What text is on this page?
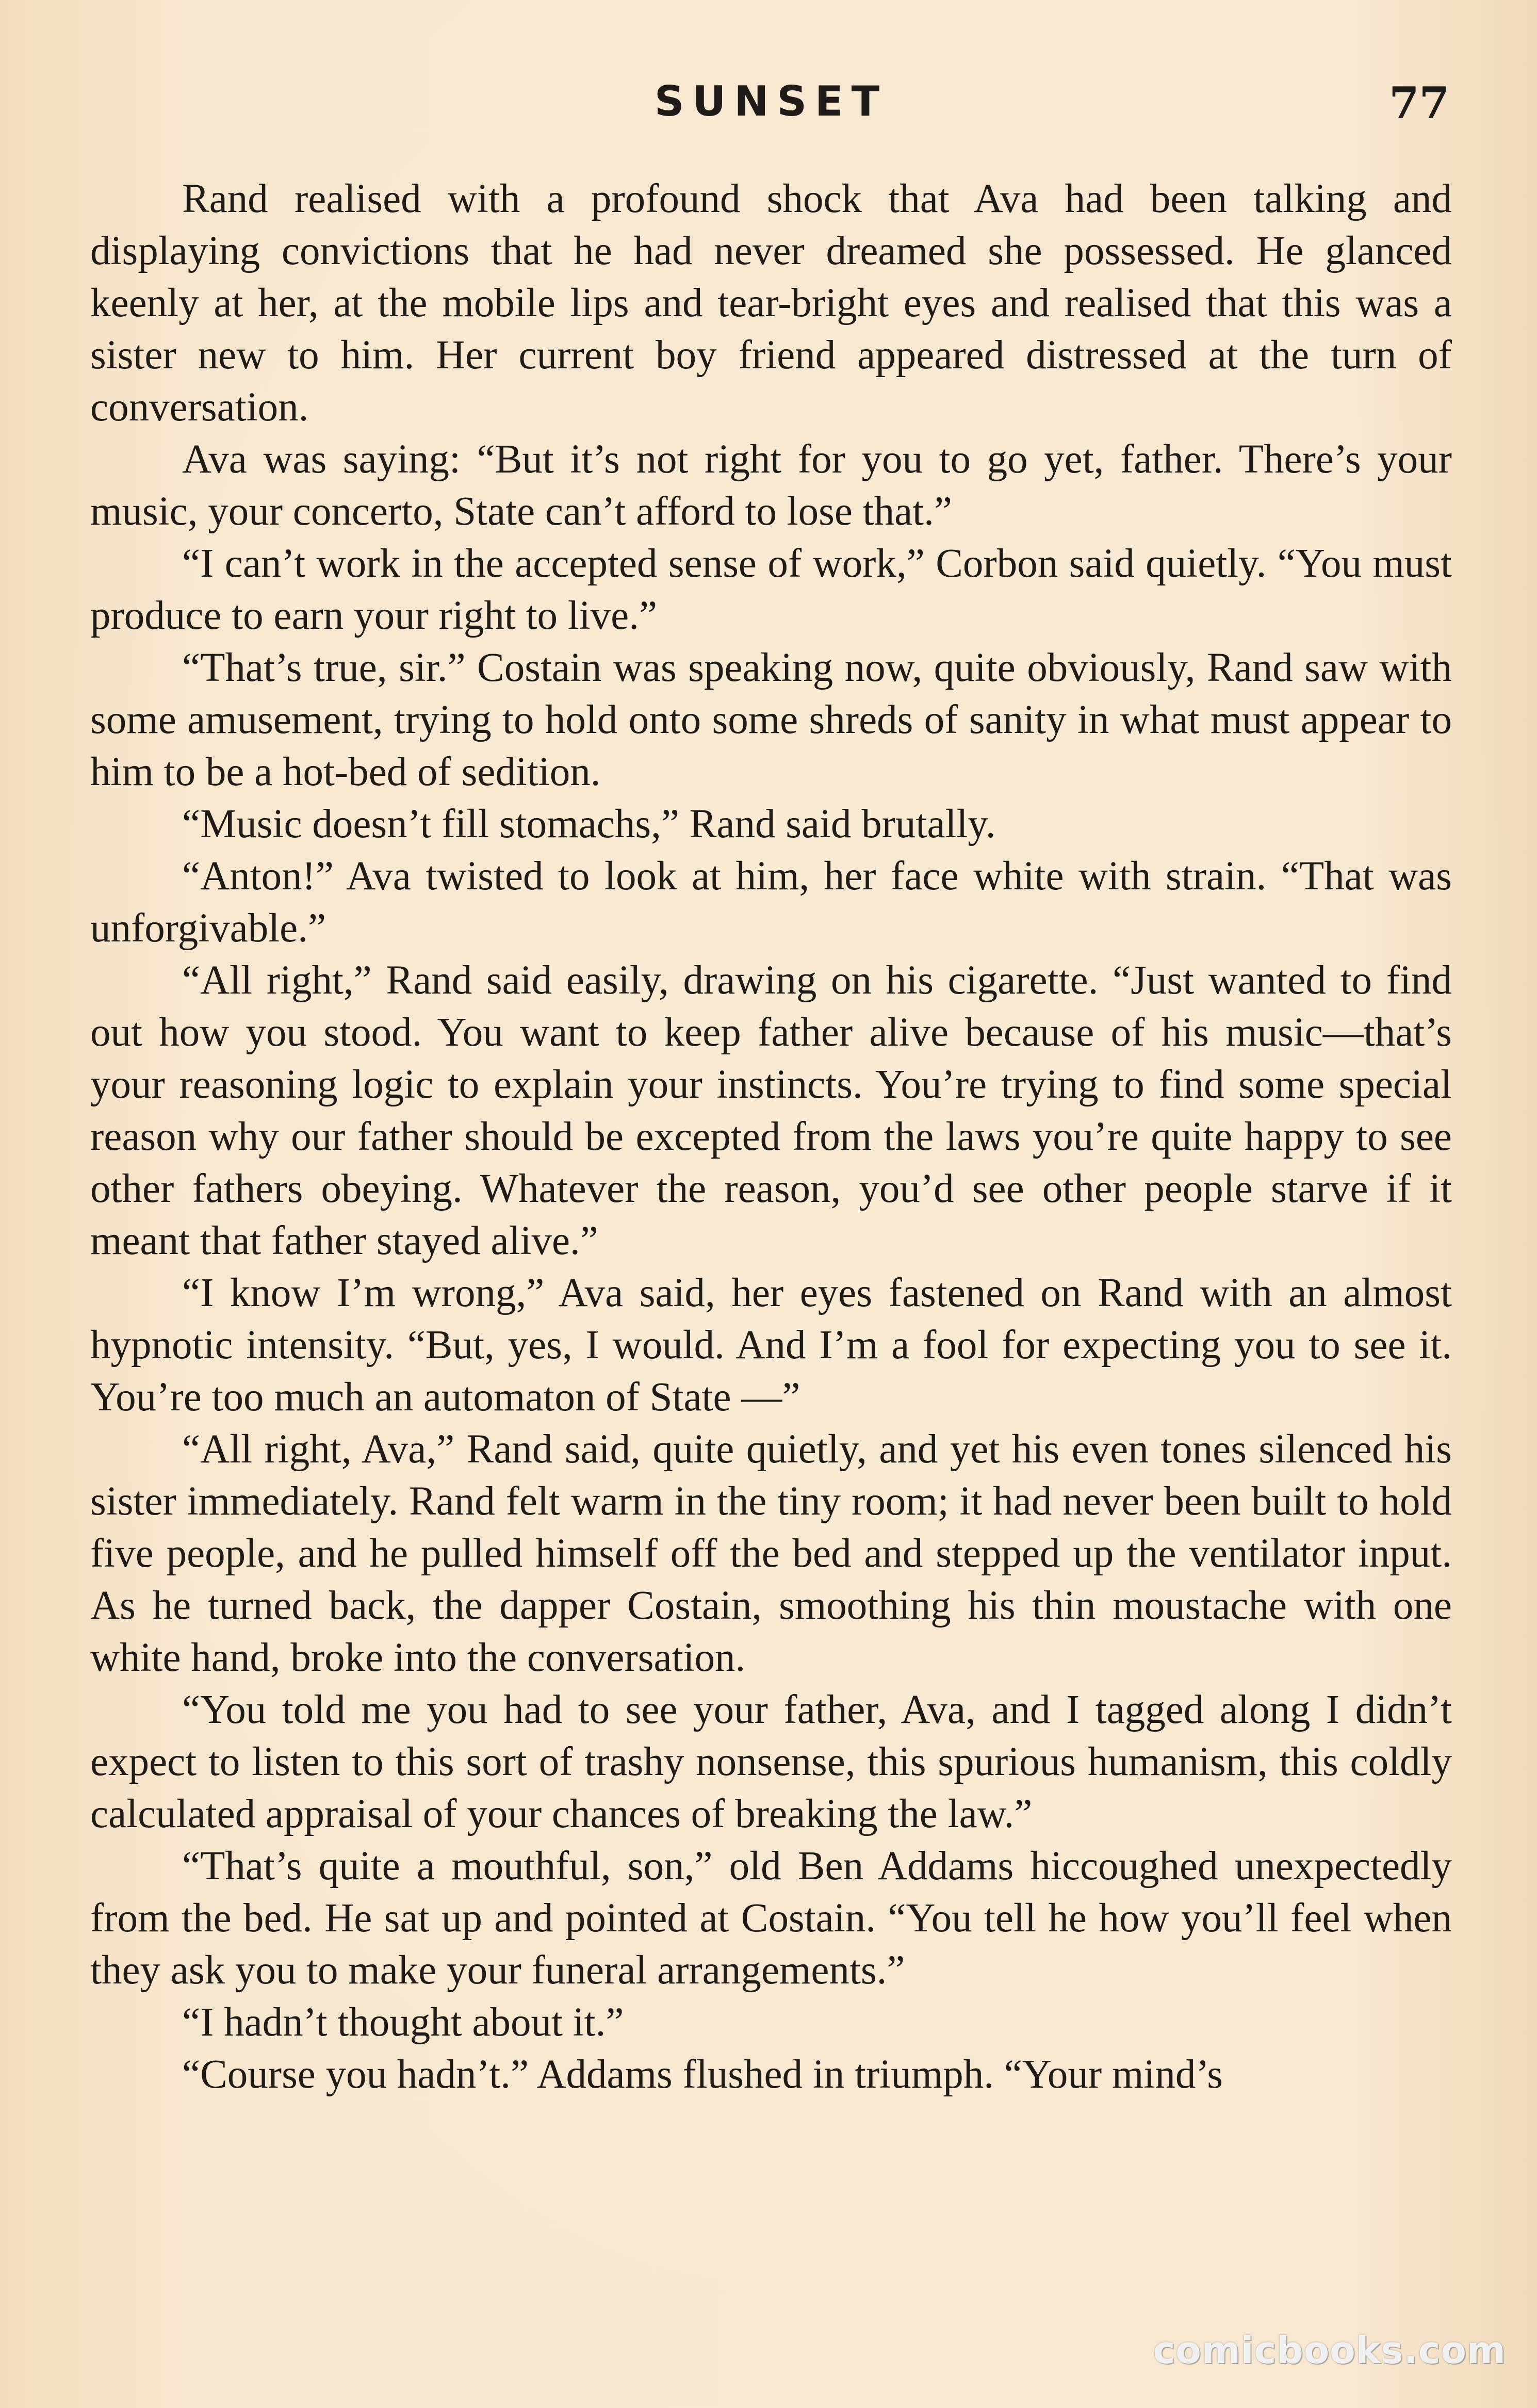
SUNSET	77

Rand realised with a profound shock that Ava had been talking and displaying convictions that he had never dreamed she possessed. He glanced keenly at her, at the mobile lips and tear-bright eyes and realised that this was a sister new to him. Her current boy friend appeared distressed at the turn of conversation.

Ava was saying: “But it’s not right for you to go yet, father. There’s your music, your concerto, State can’t afford to lose that.”

“I can’t work in the accepted sense of work,” Corbon said quietly. “You must produce to earn your right to live.”

“That’s true, sir.” Costain was speaking now, quite obviously, Rand saw with some amusement, trying to hold onto some shreds of sanity in what must appear to him to be a hot-bed of sedition.

“Music doesn’t fill stomachs,” Rand said brutally.

“Anton!” Ava twisted to look at him, her face white with strain. “That was unforgivable.”

“All right,” Rand said easily, drawing on his cigarette. “Just wanted to find out how you stood. You want to keep father alive because of his music—that’s your reasoning logic to explain your instincts. You’re trying to find some special reason why our father should be excepted from the laws you’re quite happy to see other fathers obeying. Whatever the reason, you’d see other people starve if it meant that father stayed alive.”

“I know I’m wrong,” Ava said, her eyes fastened on Rand with an almost hypnotic intensity. “But, yes, I would. And I’m a fool for expecting you to see it. You’re too much an automaton of State —”

“All right, Ava,” Rand said, quite quietly, and yet his even tones silenced his sister immediately. Rand felt warm in the tiny room; it had never been built to hold five people, and he pulled himself off the bed and stepped up the ventilator input. As he turned back, the dapper Costain, smoothing his thin moustache with one white hand, broke into the conversation.

“You told me you had to see your father, Ava, and I tagged along I didn’t expect to listen to this sort of trashy nonsense, this spurious humanism, this coldly calculated appraisal of your chances of breaking the law.”

“That’s quite a mouthful, son,” old Ben Addams hiccoughed unexpectedly from the bed. He sat up and pointed at Costain. “You tell he how you’ll feel when they ask you to make your funeral arrangements.”

“I hadn’t thought about it.”

“Course you hadn’t.” Addams flushed in triumph. “Your mind’s

comicbooks.com
